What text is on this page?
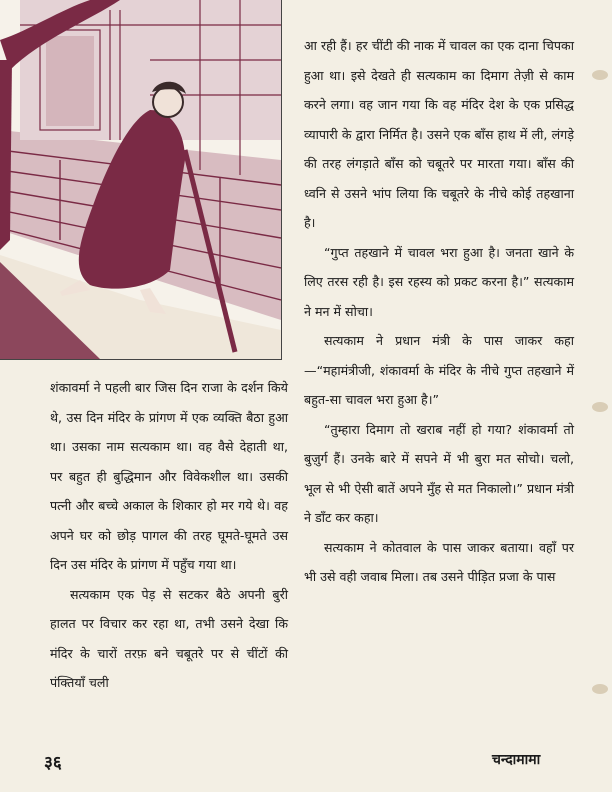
शंकावर्मा ने पहली बार जिस दिन राजा के दर्शन किये थे, उस दिन मंदिर के प्रांगण में एक व्यक्ति बैठा हुआ था। उसका नाम सत्यकाम था। वह वैसे देहाती था, पर बहुत ही बुद्धिमान और विवेकशील था। उसकी पत्नी और बच्चे अकाल के शिकार हो मर गये थे। वह अपने घर को छोड़ पागल की तरह घूमते-घूमते उस दिन उस मंदिर के प्रांगण में पहुँच गया था।

सत्यकाम एक पेड़ से सटकर बैठे अपनी बुरी हालत पर विचार कर रहा था, तभी उसने देखा कि मंदिर के चारों तरफ़ बने चबूतरे पर से चींटों की पंक्तियाँ चली

आ रही हैं। हर चींटी की नाक में चावल का एक दाना चिपका हुआ था। इसे देखते ही सत्यकाम का दिमाग तेज़ी से काम करने लगा। वह जान गया कि वह मंदिर देश के एक प्रसिद्ध व्यापारी के द्वारा निर्मित है। उसने एक बाँस हाथ में ली, लंगड़े की तरह लंगड़ाते बाँस को चबूतरे पर मारता गया। बाँस की ध्वनि से उसने भांप लिया कि चबूतरे के नीचे कोई तहखाना है।

“गुप्त तहखाने में चावल भरा हुआ है। जनता खाने के लिए तरस रही है। इस रहस्य को प्रकट करना है।” सत्यकाम ने मन में सोचा।

सत्यकाम ने प्रधान मंत्री के पास जाकर कहा—“महामंत्रीजी, शंकावर्मा के मंदिर के नीचे गुप्त तहखाने में बहुत-सा चावल भरा हुआ है।”

“तुम्हारा दिमाग तो खराब नहीं हो गया? शंकावर्मा तो बुज़ुर्ग हैं। उनके बारे में सपने में भी बुरा मत सोचो। चलो, भूल से भी ऐसी बातें अपने मुँह से मत निकालो।” प्रधान मंत्री ने डाँट कर कहा।

सत्यकाम ने कोतवाल के पास जाकर बताया। वहाँ पर भी उसे वही जवाब मिला। तब उसने पीड़ित प्रजा के पास

३६	चन्दामामा
